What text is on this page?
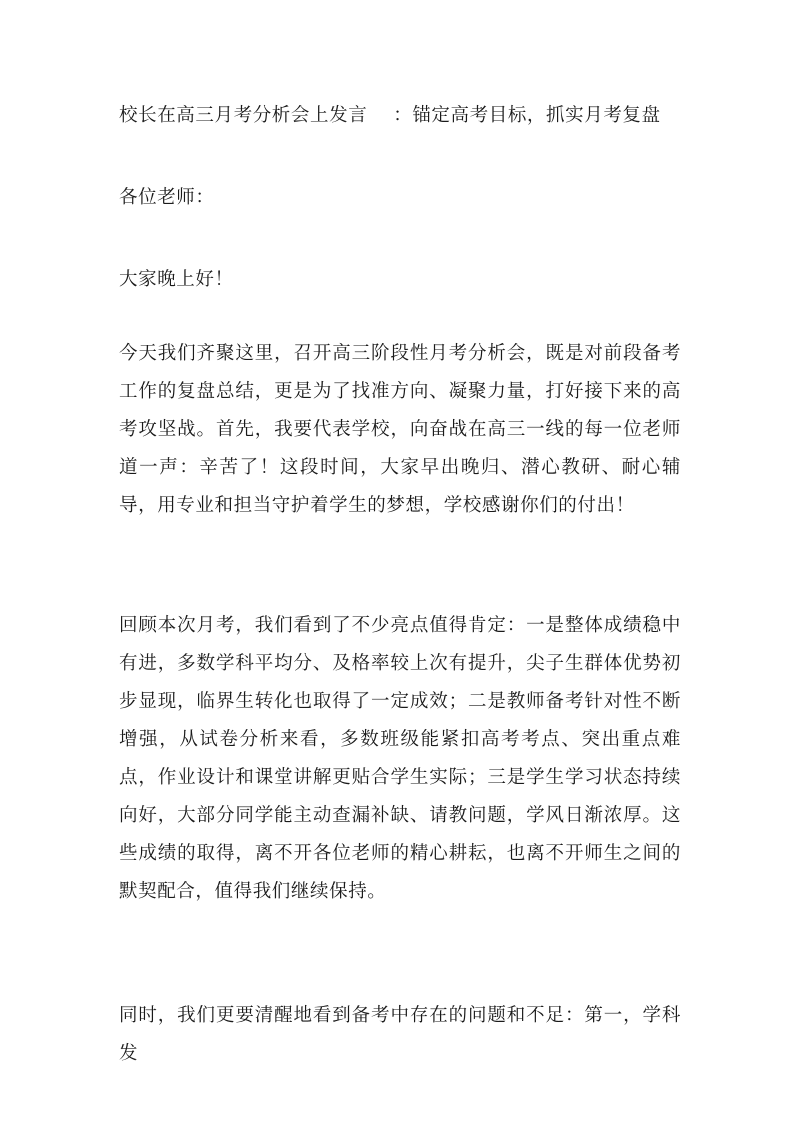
校长在高三月考分析会上发言    ：锚定高考目标，抓实月考复盘
各位老师：
大家晚上好！
今天我们齐聚这里，召开高三阶段性月考分析会，既是对前段备考工作的复盘总结，更是为了找准方向、凝聚力量，打好接下来的高考攻坚战。首先，我要代表学校，向奋战在高三一线的每一位老师道一声：辛苦了！这段时间，大家早出晚归、潜心教研、耐心辅导，用专业和担当守护着学生的梦想，学校感谢你们的付出！
回顾本次月考，我们看到了不少亮点值得肯定：一是整体成绩稳中有进，多数学科平均分、及格率较上次有提升，尖子生群体优势初步显现，临界生转化也取得了一定成效；二是教师备考针对性不断增强，从试卷分析来看，多数班级能紧扣高考考点、突出重点难点，作业设计和课堂讲解更贴合学生实际；三是学生学习状态持续向好，大部分同学能主动查漏补缺、请教问题，学风日渐浓厚。这些成绩的取得，离不开各位老师的精心耕耘，也离不开师生之间的默契配合，值得我们继续保持。
同时，我们更要清醒地看到备考中存在的问题和不足：第一，学科发
